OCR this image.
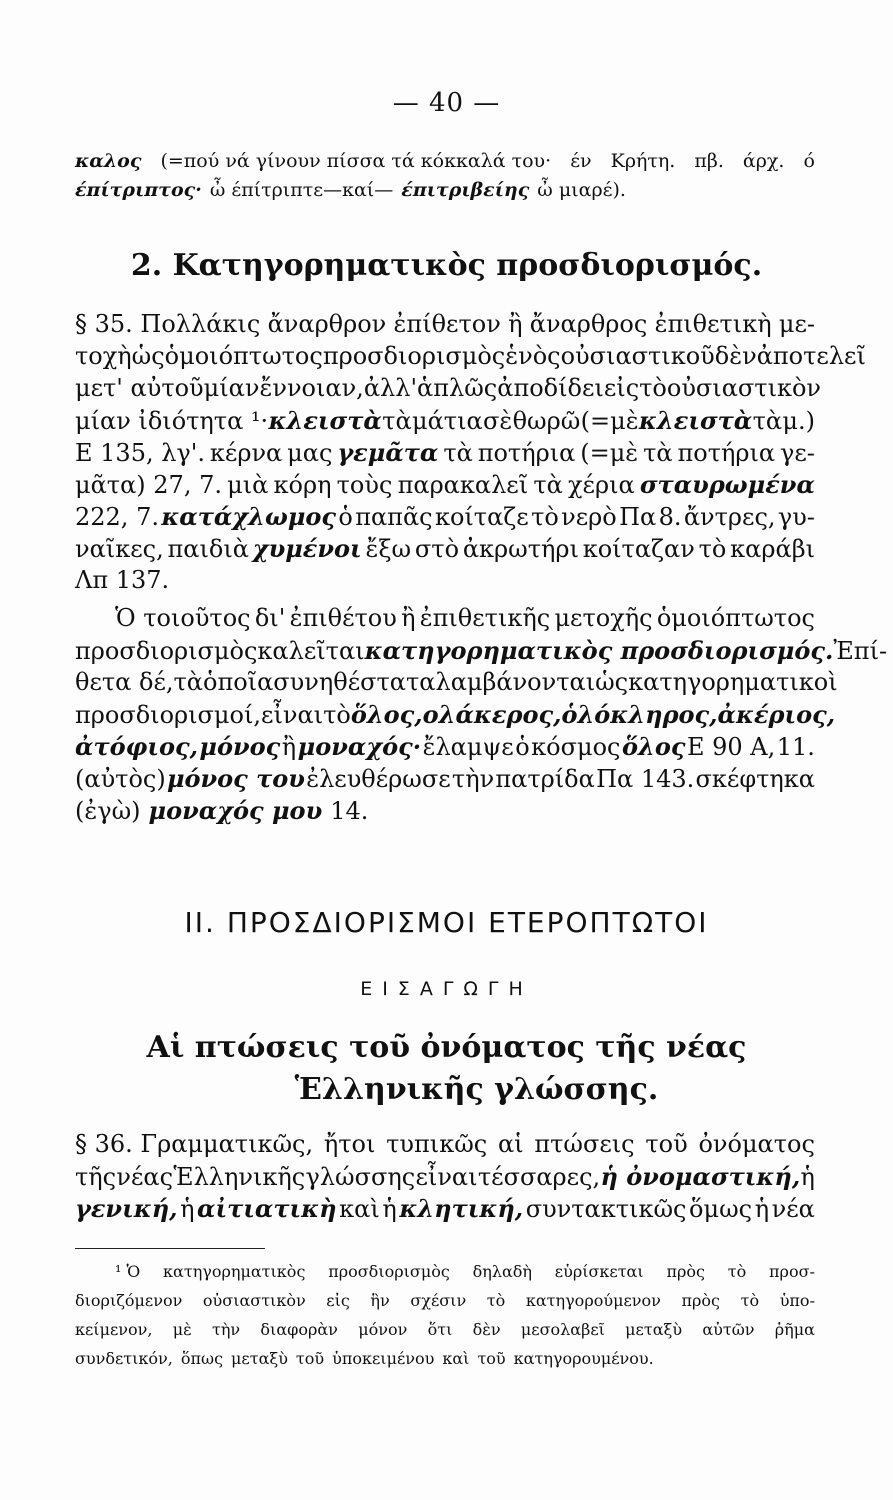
— 40 —
καλος (=πού νά γίνουν πίσσα τά κόκκαλά του· έν Κρήτη. πβ. άρχ. ό
έπίτριπτος· ὦ έπίτριπτε—καί— έπιτριβείης ὦ μιαρέ).
2. Κατηγορηματικὸς προσδιορισμός.
§ 35. Πολλάκις ἄναρθρον ἐπίθετον ἢ ἄναρθρος ἐπιθετικὴ με-
τοχὴ ὡς ὁμοιόπτωτος προσδιορισμὸς ἑνὸς οὐσιαστικοῦ δὲν ἀποτελεῖ
μετ' αὐτοῦ μίαν ἔννοιαν, ἀλλ' ἁπλῶς ἀποδίδει εἰς τὸ οὐσιαστικὸν
μίαν ἰδιότητα ¹· κλειστὰ τὰ μάτια σὲ θωρῶ (=μὲ κλειστὰ τὰ μ.)
Ε 135, λγ'. κέρνα μας γεμᾶτα τὰ ποτήρια (=μὲ τὰ ποτήρια γε-
μᾶτα) 27, 7. μιὰ κόρη τοὺς παρακαλεῖ τὰ χέρια σταυρωμένα
222, 7. κατάχλωμος ὁ παπᾶς κοίταζε τὸ νερὸ Πα 8. ἄντρες, γυ-
ναῖκες, παιδιὰ χυμένοι ἔξω στὸ ἀκρωτήρι κοίταζαν τὸ καράβι
Λπ 137.
Ὁ τοιοῦτος δι' ἐπιθέτου ἢ ἐπιθετικῆς μετοχῆς ὁμοιόπτωτος
προσδιορισμὸς καλεῖται κατηγορηματικὸς προσδιορισμός. Ἐπί-
θετα δέ, τὰ ὁποῖα συνηθέστατα λαμβάνονται ὡς κατηγορηματικοὶ
προσδιορισμοί, εἶναι τὸ ὅλος, ολάκερος, ὁλόκληρος, ἀκέριος,
ἀτόφιος, μόνος ἢ μοναχός· ἔλαμψε ὁ κόσμος ὅλος Ε 90 Α, 11.
(αὐτὸς) μόνος του ἐλευθέρωσε τὴν πατρίδα Πα 143. σκέφτηκα
(ἐγὼ) μοναχός μου 14.
II. ΠΡΟΣΔΙΟΡΙΣΜΟΙ ΕΤΕΡΟΠΤΩΤΟΙ
ΕΙΣΑΓΩΓΗ
Αἱ πτώσεις τοῦ ὀνόματος τῆς νέας
Ἑλληνικῆς γλώσσης.
§ 36. Γραμματικῶς, ἤτοι τυπικῶς αἱ πτώσεις τοῦ ὀνόματος
τῆς νέας Ἑλληνικῆς γλώσσης εἶναι τέσσαρες, ἡ ὀνομαστική, ἡ
γενική, ἡ αἰτιατικὴ καὶ ἡ κλητική, συντακτικῶς ὅμως ἡ νέα
¹ Ὁ κατηγορηματικὸς προσδιορισμὸς δηλαδὴ εὑρίσκεται πρὸς τὸ προσ-
διοριζόμενον οὐσιαστικὸν εἰς ἣν σχέσιν τὸ κατηγορούμενον πρὸς τὸ ὑπο-
κείμενον, μὲ τὴν διαφορὰν μόνον ὅτι δὲν μεσολαβεῖ μεταξὺ αὐτῶν ῥῆμα
συνδετικόν, ὅπως μεταξὺ τοῦ ὑποκειμένου καὶ τοῦ κατηγορουμένου.
